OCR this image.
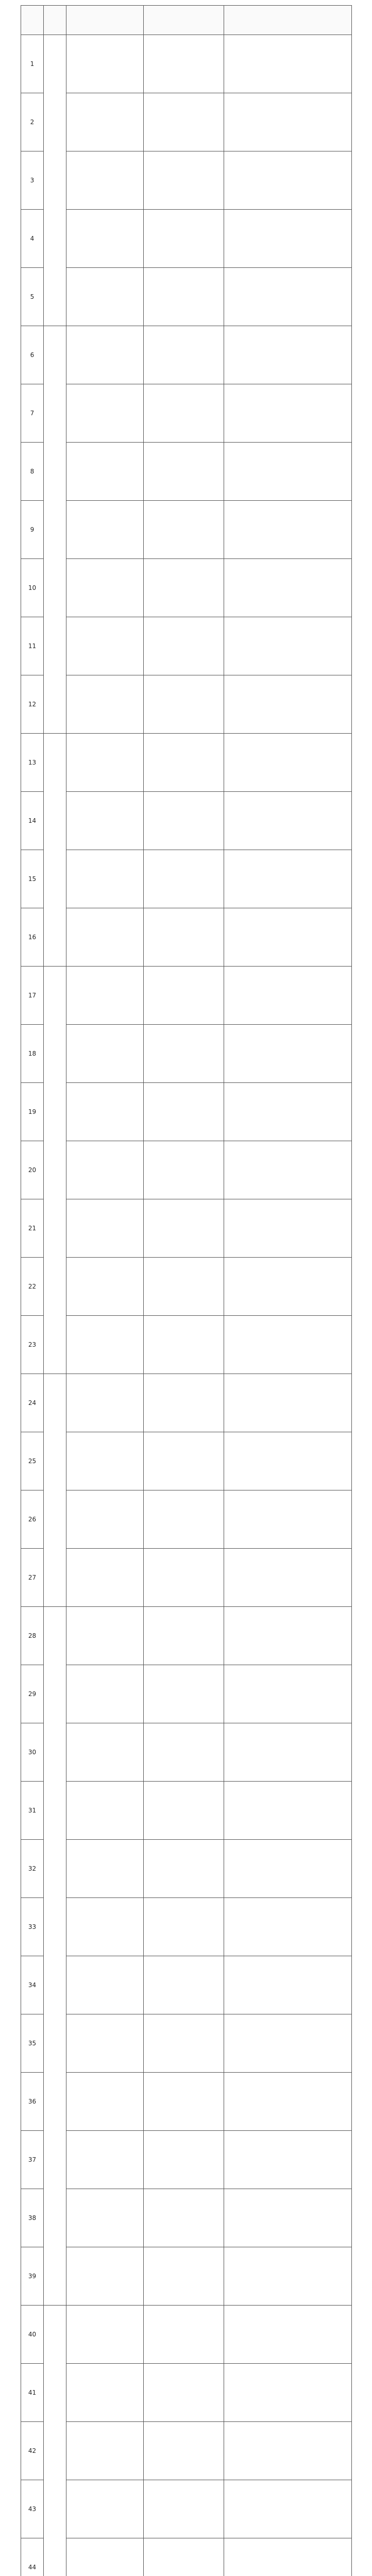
1				
2				
3				
4				
5				
6				
7				
8				
9				
10				
11				
12				
13				
14				
15				
16				
17				
18				
19				
20				
21				
22				
23				
24				
25				
26				
27				
28				
29				
30				
31				
32				
33				
34				
35				
36				
37				
38				
39				
40				
41				
42				
43				
44				
